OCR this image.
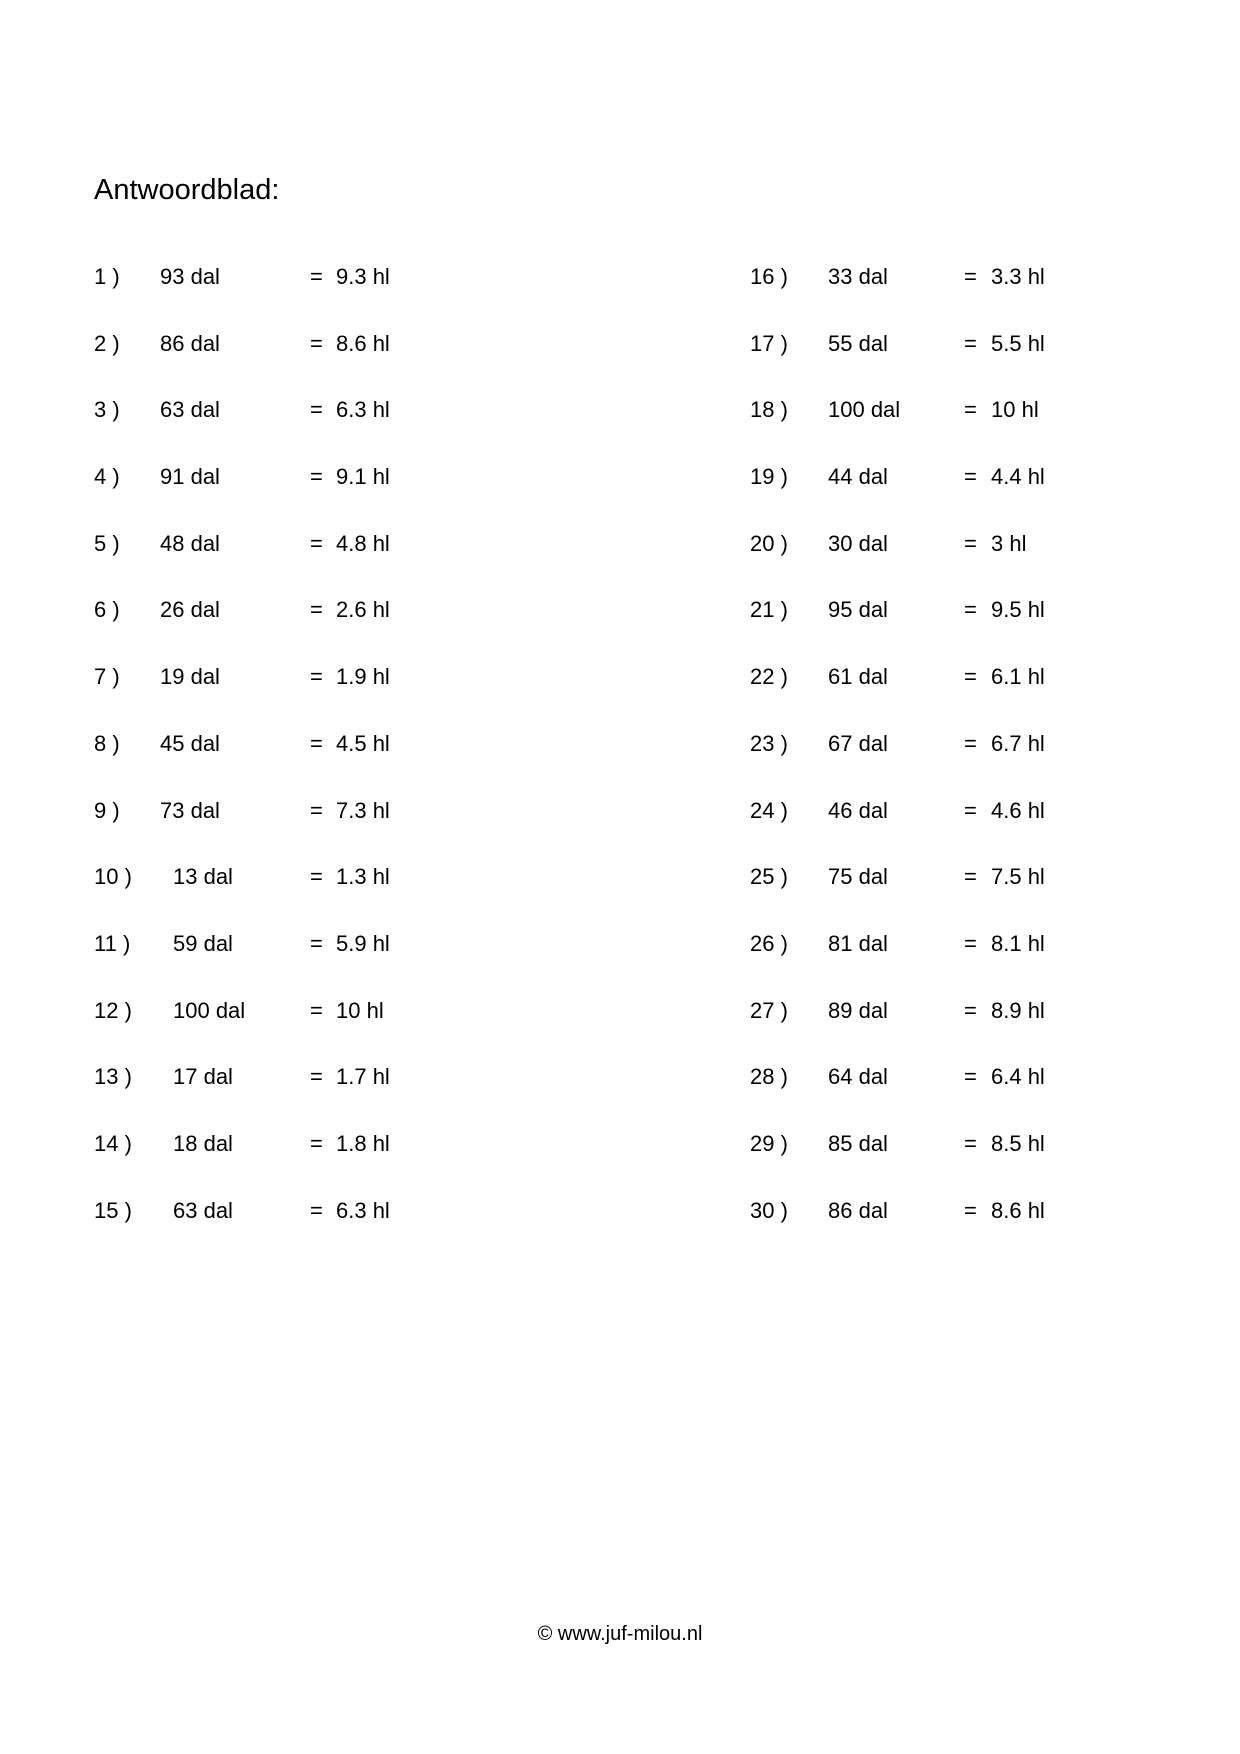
Antwoordblad:
1 ) 93 dal	= 9.3 hl
2 ) 86 dal	= 8.6 hl
3 ) 63 dal	= 6.3 hl
4 ) 91 dal	= 9.1 hl
5 ) 48 dal	= 4.8 hl
6 ) 26 dal	= 2.6 hl
7 ) 19 dal	= 1.9 hl
8 ) 45 dal	= 4.5 hl
9 ) 73 dal	= 7.3 hl
10 ) 13 dal	= 1.3 hl
11 ) 59 dal	= 5.9 hl
12 ) 100 dal	= 10 hl
13 ) 17 dal	= 1.7 hl
14 ) 18 dal	= 1.8 hl
15 ) 63 dal	= 6.3 hl
16 ) 33 dal	= 3.3 hl
17 ) 55 dal	= 5.5 hl
18 ) 100 dal	= 10 hl
19 ) 44 dal	= 4.4 hl
20 ) 30 dal	= 3 hl
21 ) 95 dal	= 9.5 hl
22 ) 61 dal	= 6.1 hl
23 ) 67 dal	= 6.7 hl
24 ) 46 dal	= 4.6 hl
25 ) 75 dal	= 7.5 hl
26 ) 81 dal	= 8.1 hl
27 ) 89 dal	= 8.9 hl
28 ) 64 dal	= 6.4 hl
29 ) 85 dal	= 8.5 hl
30 ) 86 dal	= 8.6 hl
© www.juf-milou.nl
